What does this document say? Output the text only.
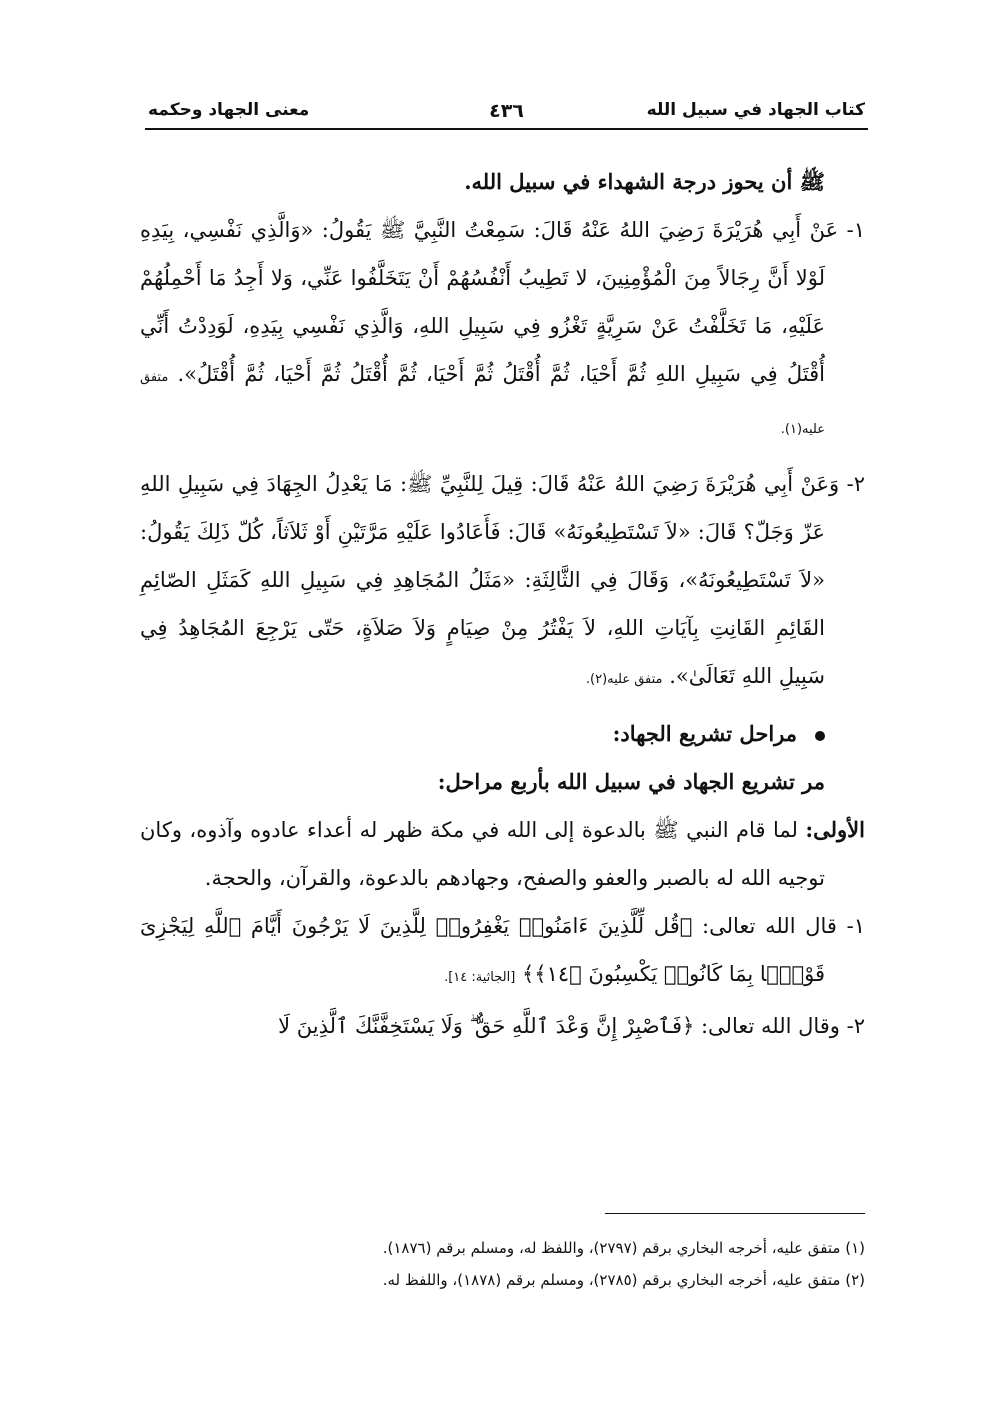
كتاب الجهاد في سبيل الله
٤٣٦
معنى الجهاد وحكمه

ﷺ أن يحوز درجة الشهداء في سبيل الله.

١- عَنْ أَبِي هُرَيْرَةَ رَضِيَ اللهُ عَنْهُ قَالَ: سَمِعْتُ النَّبِيَّ ﷺ يَقُولُ: «وَالَّذِي نَفْسِي، بِيَدِهِ لَوْلا أَنَّ رِجَالاً مِنَ الْمُؤْمِنِينَ، لا تَطِيبُ أَنْفُسُهُمْ أَنْ يَتَخَلَّفُوا عَنِّي، وَلا أَجِدُ مَا أَحْمِلُهُمْ عَلَيْهِ، مَا تَخَلَّفْتُ عَنْ سَرِيَّةٍ تَغْزُو فِي سَبِيلِ اللهِ، وَالَّذِي نَفْسِي بِيَدِهِ، لَوَدِدْتُ أَنِّي أُقْتَلُ فِي سَبِيلِ اللهِ ثُمَّ أَحْيَا، ثُمَّ أُقْتَلُ ثُمَّ أَحْيَا، ثُمَّ أُقْتَلُ ثُمَّ أَحْيَا، ثُمَّ أُقْتَلُ». متفق عليه(١).

٢- وَعَنْ أَبِي هُرَيْرَةَ رَضِيَ اللهُ عَنْهُ قَالَ: قِيلَ لِلنَّبِيِّ ﷺ: مَا يَعْدِلُ الجِهَادَ فِي سَبِيلِ اللهِ عَزّ وَجَلّ؟ قَالَ: «لاَ تَسْتَطِيعُونَهُ» قَالَ: فَأَعَادُوا عَلَيْهِ مَرَّتَيْنِ أَوْ ثَلاَثاً، كُلّ ذَلِكَ يَقُولُ: «لاَ تَسْتَطِيعُونَهُ»، وَقَالَ فِي الثَّالِثَةِ: «مَثَلُ المُجَاهِدِ فِي سَبِيلِ اللهِ كَمَثَلِ الصّائِمِ القَائِمِ القَانِتِ بِآيَاتِ اللهِ، لاَ يَفْتُرُ مِنْ صِيَامٍ وَلاَ صَلاَةٍ، حَتّى يَرْجِعَ المُجَاهِدُ فِي سَبِيلِ اللهِ تَعَالَىٰ». متفق عليه(٢).

مراحل تشريع الجهاد:

مر تشريع الجهاد في سبيل الله بأربع مراحل:

الأولى: لما قام النبي ﷺ بالدعوة إلى الله في مكة ظهر له أعداء عادوه وآذوه، وكان توجيه الله له بالصبر والعفو والصفح، وجهادهم بالدعوة، والقرآن، والحجة.

١- قال الله تعالى: ﴿قُل لِّلَّذِينَ ءَامَنُوا۟ يَغْفِرُوا۟ لِلَّذِينَ لَا يَرْجُونَ أَيَّامَ ٱللَّهِ لِيَجْزِىَ قَوْمًۢا بِمَا كَانُوا۟ يَكْسِبُونَ ﴿١٤﴾﴾ [الجاثية: ١٤].

٢- وقال الله تعالى: ﴿فَٱصْبِرْ إِنَّ وَعْدَ ٱللَّهِ حَقٌّ ۖ وَلَا يَسْتَخِفَّنَّكَ ٱلَّذِينَ لَا

(١) متفق عليه، أخرجه البخاري برقم (٢٧٩٧)، واللفظ له، ومسلم برقم (١٨٧٦).

(٢) متفق عليه، أخرجه البخاري برقم (٢٧٨٥)، ومسلم برقم (١٨٧٨)، واللفظ له.
